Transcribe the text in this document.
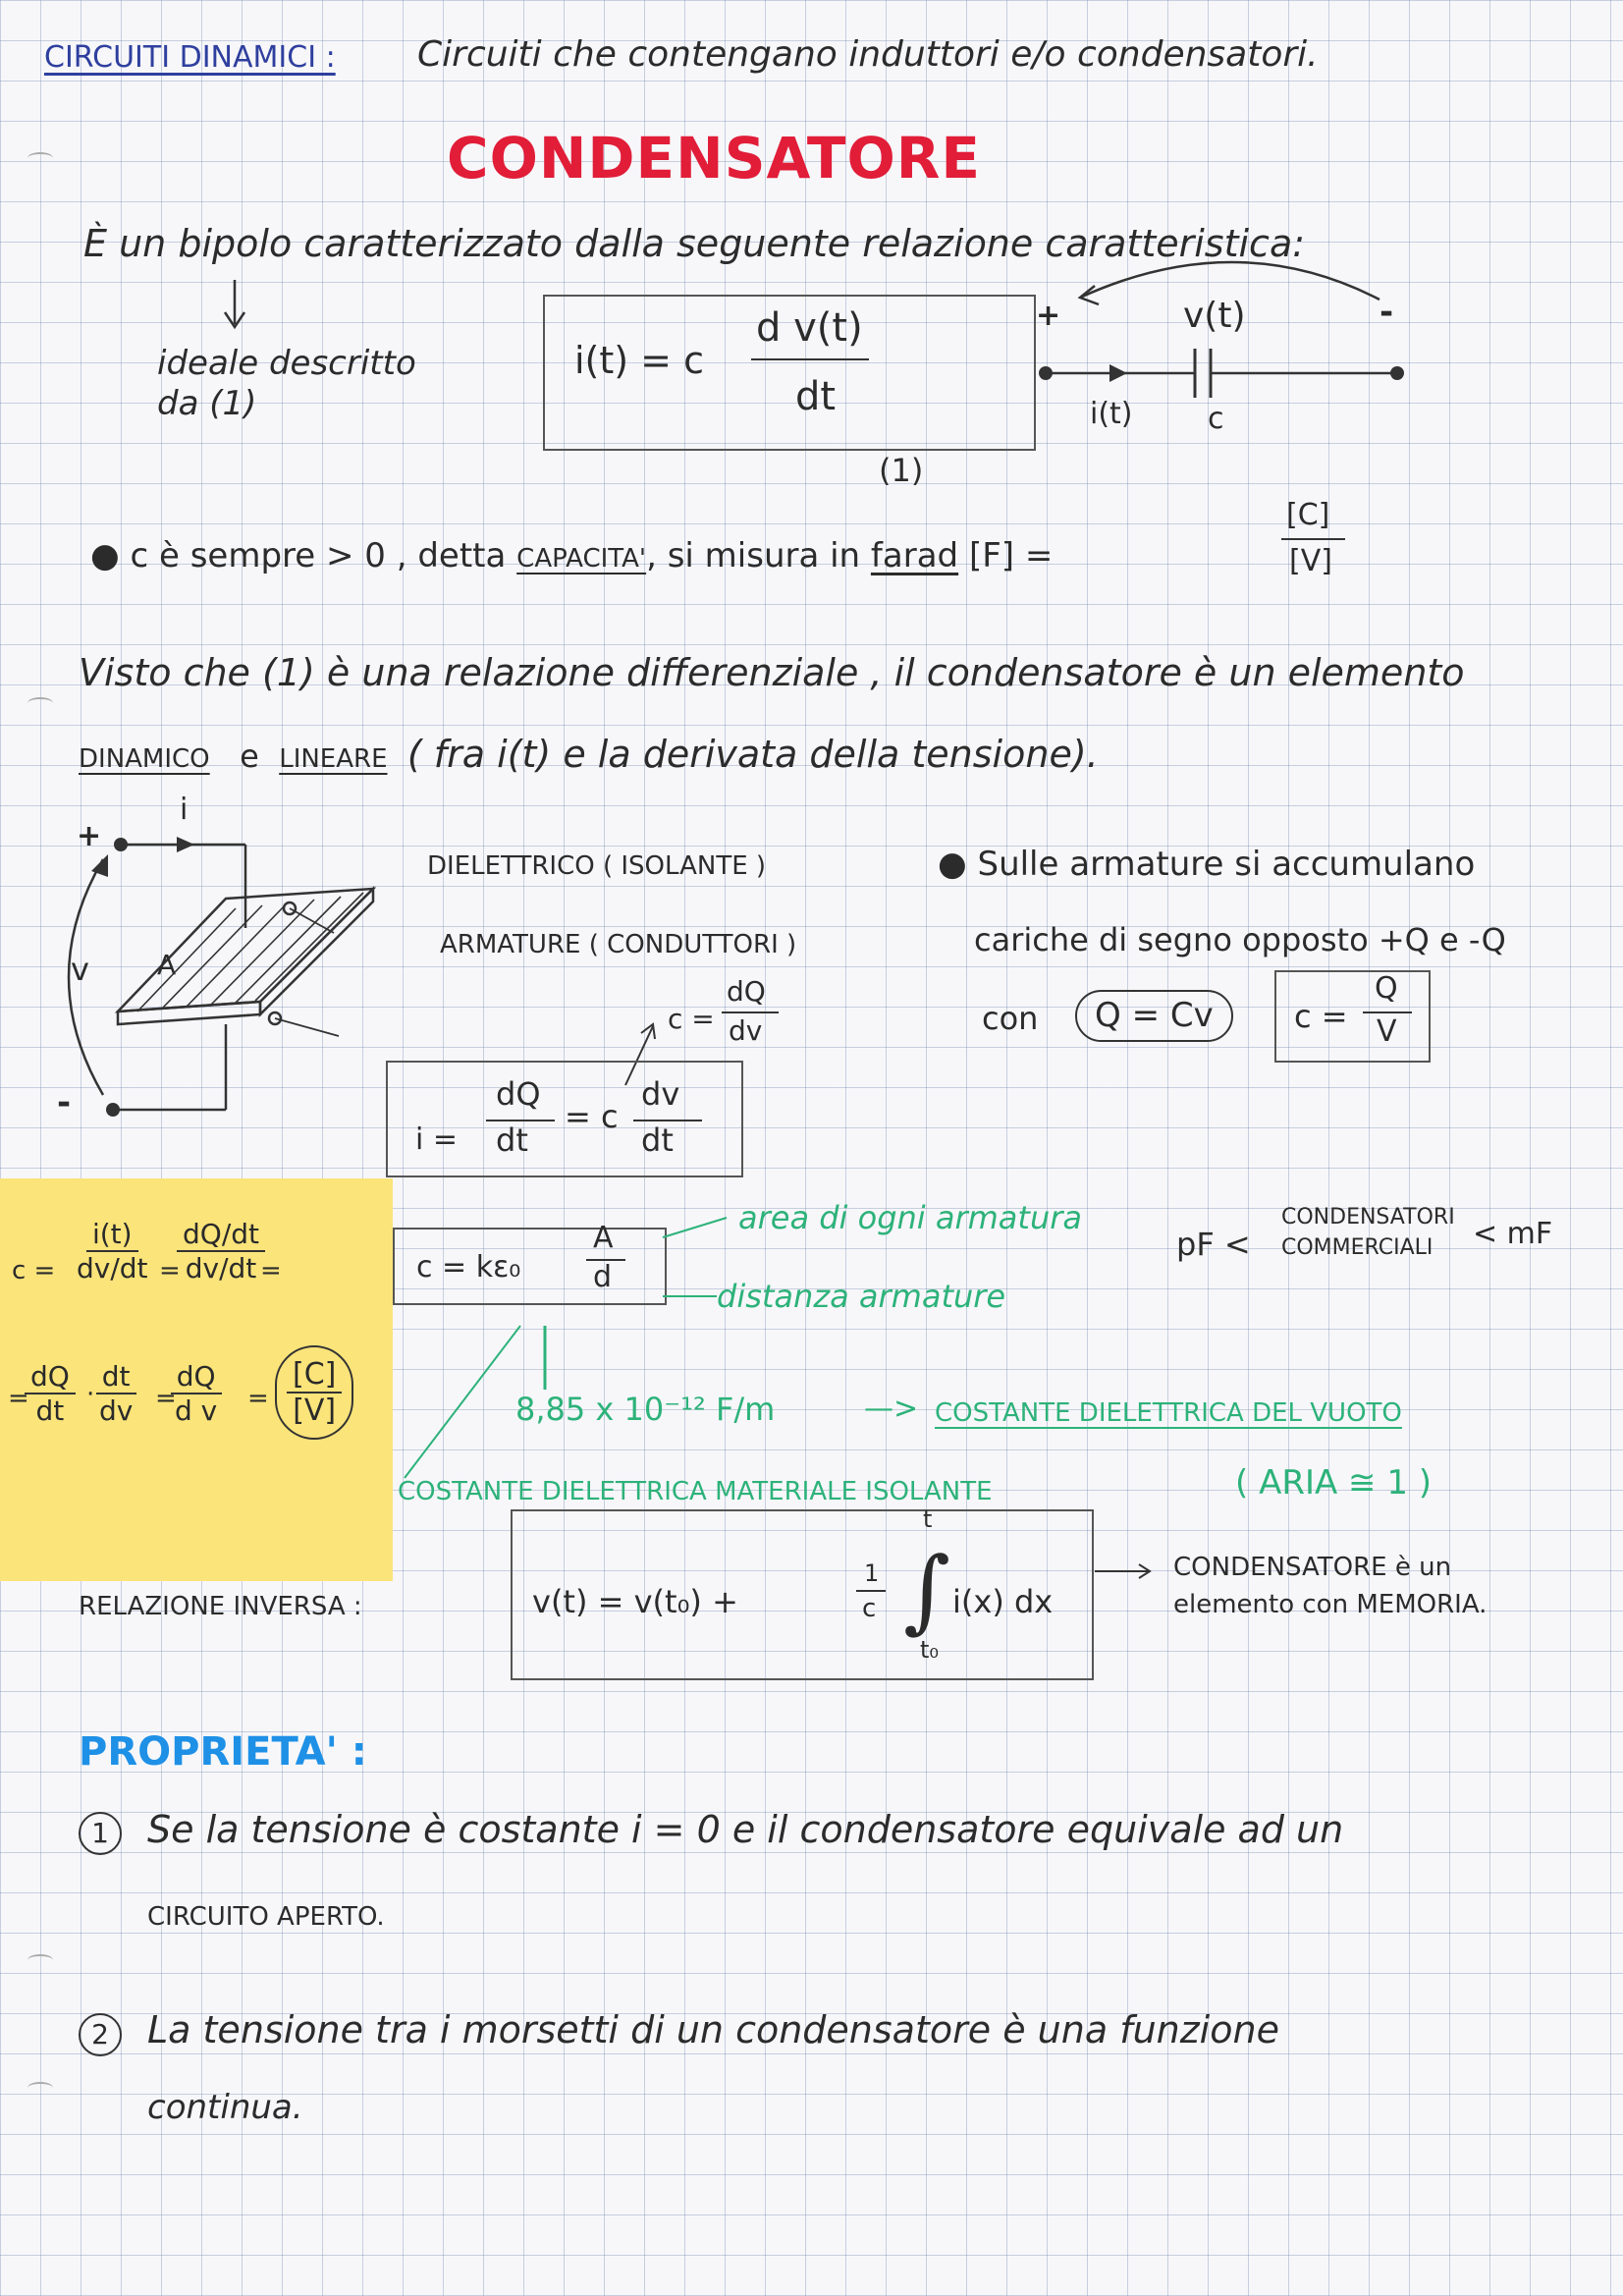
CIRCUITI DINAMICI : Circuiti che contengano induttori e/o condensatori.
CONDENSATORE
È un bipolo caratterizzato dalla seguente relazione caratteristica:
ideale descritto da (1)
i(t) = c
d v(t)
dt
(1)
+	-
v(t)
i(t)	c
● c è sempre > 0 , detta CAPACITA', si misura in farad [F] =
[C]
[V]
Visto che (1) è una relazione differenziale , il condensatore è un elemento
DINAMICO e LINEARE ( fra i(t) e la derivata della tensione).
+
-
i
v A
DIELETTRICO ( ISOLANTE )
ARMATURE ( CONDUTTORI )
● Sulle armature si accumulano
cariche di segno opposto +Q e -Q
con	Q = Cv	c =
Q
V
c =
dQ
dv
i =
dQ
dt
= c
dv
dt
$c = \frac{i(t)}{dv/dt}$ =
$\frac{dQ/dt}{dv/dt}$
=
=
$\frac{dQ}{dt}$ ·
$\frac{dt}{dv}$ =
$\frac{dQ}{\text{d v}} = \frac{[C]}{[V]}$
c = kε₀
A
d
area di ogni armatura
distanza armature
pF <
CONDENSATORI COMMERCIALI	< mF
8,85 x 10⁻¹² F/m	—> COSTANTE DIELETTRICA DEL VUOTO
COSTANTE DIELETTRICA MATERIALE ISOLANTE	( ARIA ≅ 1 )
RELAZIONE INVERSA :	v(t) = v(t₀) +
1
c
t
∫
t₀
i(x) dx
CONDENSATORE è un elemento con MEMORIA.
PROPRIETA' :
1	Se la tensione è costante i = 0 e il condensatore equivale ad un
CIRCUITO APERTO.
2	La tensione tra i morsetti di un condensatore è una funzione
continua.
